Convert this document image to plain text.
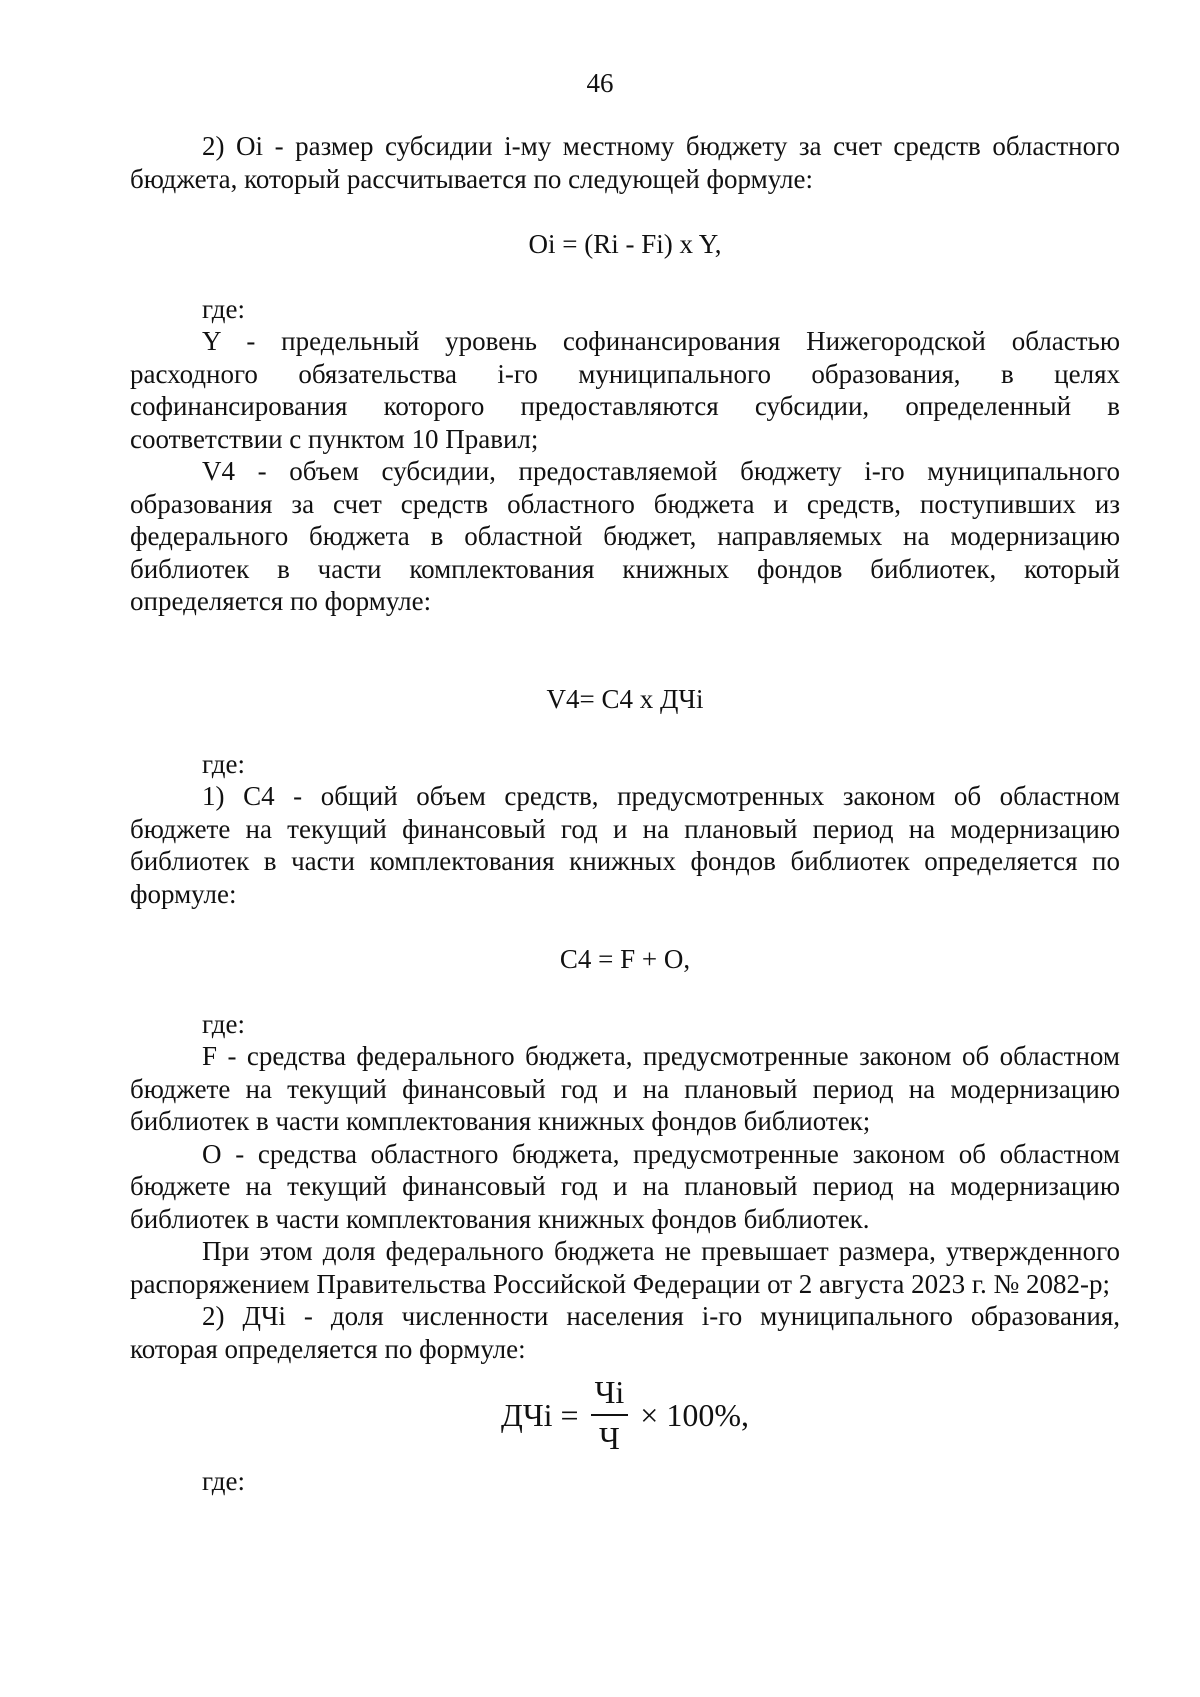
46

2) Oi - размер субсидии i-му местному бюджету за счет средств областного бюджета, который рассчитывается по следующей формуле:

Oi = (Ri - Fi) x Y,

где:

Y - предельный уровень софинансирования Нижегородской областью расходного обязательства i-го муниципального образования, в целях софинансирования которого предоставляются субсидии, определенный в соответствии с пунктом 10 Правил;

V4 - объем субсидии, предоставляемой бюджету i-го муниципального образования за счет средств областного бюджета и средств, поступивших из федерального бюджета в областной бюджет, направляемых на модернизацию библиотек в части комплектования книжных фондов библиотек, который определяется по формуле:

V4= C4 x ДЧi

где:

1) C4 - общий объем средств, предусмотренных законом об областном бюджете на текущий финансовый год и на плановый период на модернизацию библиотек в части комплектования книжных фондов библиотек определяется по формуле:

C4 = F + O,

где:

F - средства федерального бюджета, предусмотренные законом об областном бюджете на текущий финансовый год и на плановый период на модернизацию библиотек в части комплектования книжных фондов библиотек;

O - средства областного бюджета, предусмотренные законом об областном бюджете на текущий финансовый год и на плановый период на модернизацию библиотек в части комплектования книжных фондов библиотек.

При этом доля федерального бюджета не превышает размера, утвержденного распоряжением Правительства Российской Федерации от 2 августа 2023 г. № 2082-р;

2) ДЧi - доля численности населения i-го муниципального образования, которая определяется по формуле:

ДЧi = $\frac{Чi}{Ч} \times 100\%$,

где:
